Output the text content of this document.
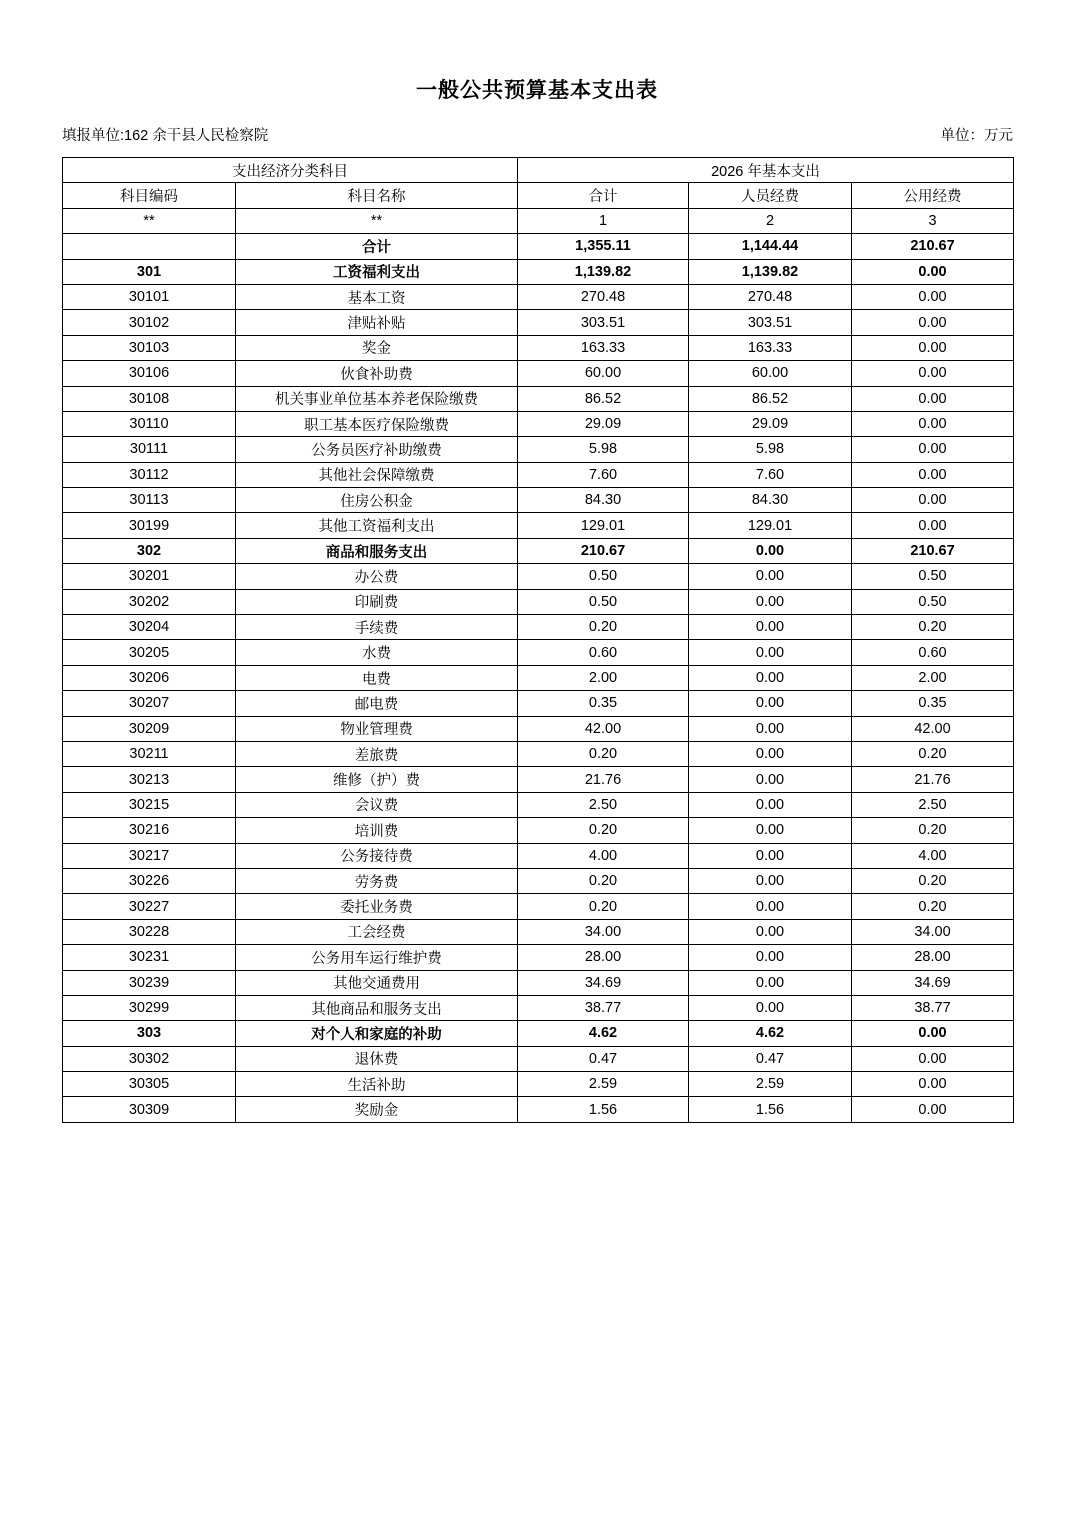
一般公共预算基本支出表
填报单位:162 余干县人民检察院	单位：万元
支出经济分类科目		2026 年基本支出		
科目编码	科目名称	合计	人员经费	公用经费
**	**	1	2	3
	合计	1,355.11	1,144.44	210.67
301	工资福利支出	1,139.82	1,139.82	0.00
30101	基本工资	270.48	270.48	0.00
30102	津贴补贴	303.51	303.51	0.00
30103	奖金	163.33	163.33	0.00
30106	伙食补助费	60.00	60.00	0.00
30108	机关事业单位基本养老保险缴费	86.52	86.52	0.00
30110	职工基本医疗保险缴费	29.09	29.09	0.00
30111	公务员医疗补助缴费	5.98	5.98	0.00
30112	其他社会保障缴费	7.60	7.60	0.00
30113	住房公积金	84.30	84.30	0.00
30199	其他工资福利支出	129.01	129.01	0.00
302	商品和服务支出	210.67	0.00	210.67
30201	办公费	0.50	0.00	0.50
30202	印刷费	0.50	0.00	0.50
30204	手续费	0.20	0.00	0.20
30205	水费	0.60	0.00	0.60
30206	电费	2.00	0.00	2.00
30207	邮电费	0.35	0.00	0.35
30209	物业管理费	42.00	0.00	42.00
30211	差旅费	0.20	0.00	0.20
30213	维修（护）费	21.76	0.00	21.76
30215	会议费	2.50	0.00	2.50
30216	培训费	0.20	0.00	0.20
30217	公务接待费	4.00	0.00	4.00
30226	劳务费	0.20	0.00	0.20
30227	委托业务费	0.20	0.00	0.20
30228	工会经费	34.00	0.00	34.00
30231	公务用车运行维护费	28.00	0.00	28.00
30239	其他交通费用	34.69	0.00	34.69
30299	其他商品和服务支出	38.77	0.00	38.77
303	对个人和家庭的补助	4.62	4.62	0.00
30302	退休费	0.47	0.47	0.00
30305	生活补助	2.59	2.59	0.00
30309	奖励金	1.56	1.56	0.00
